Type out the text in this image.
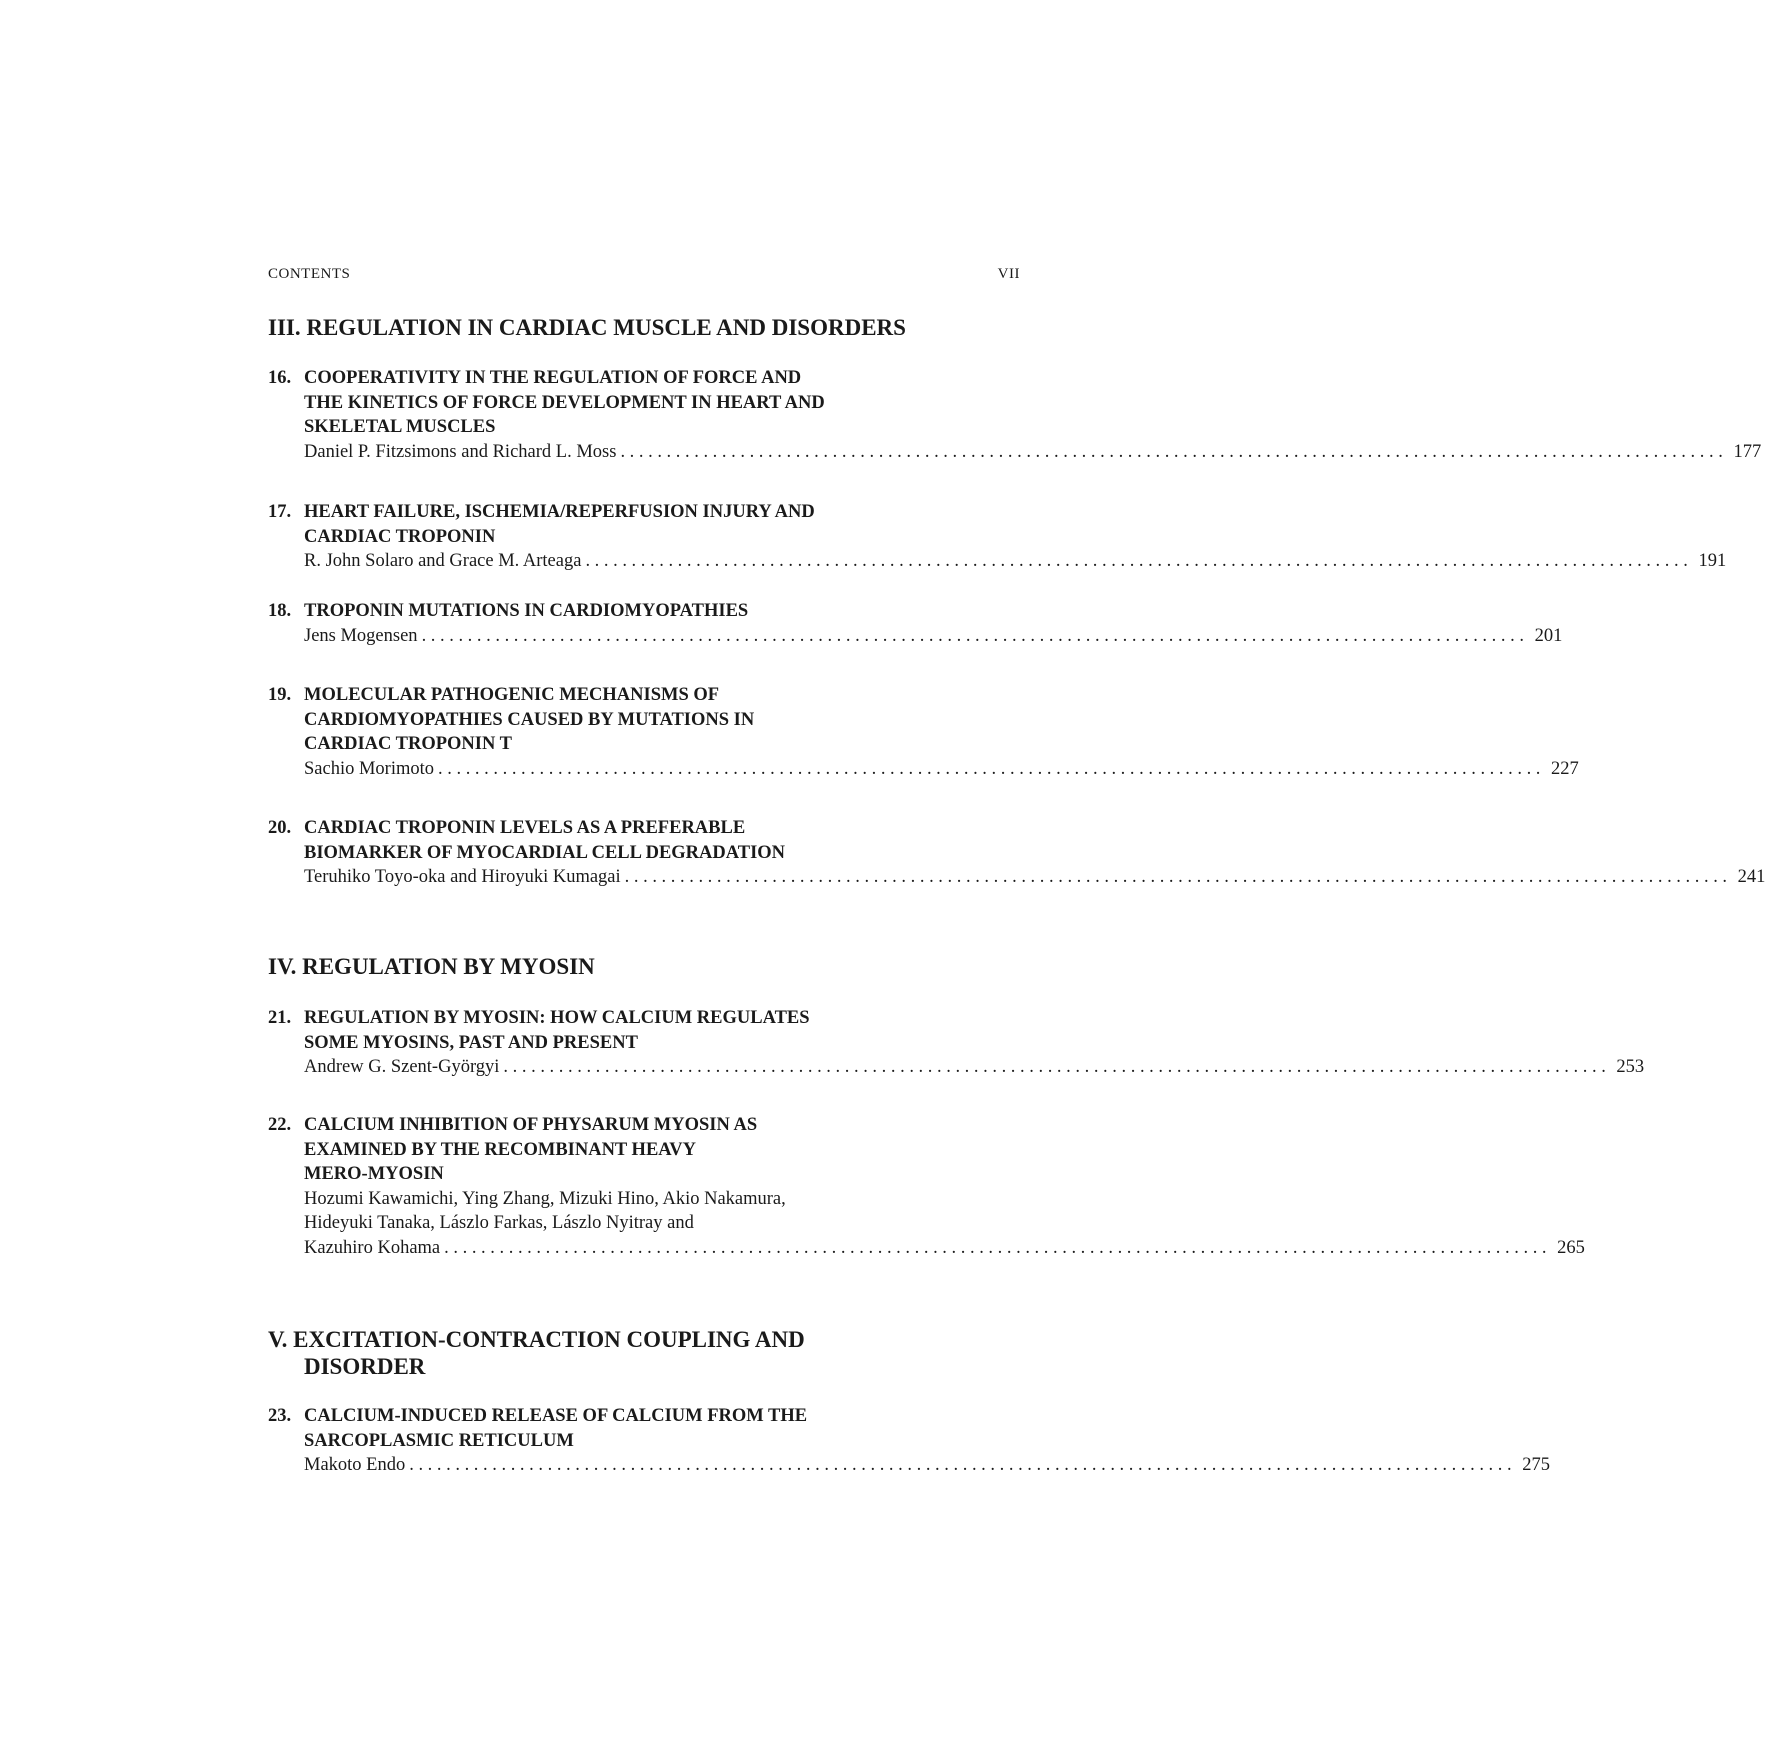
CONTENTS	VII
III. REGULATION IN CARDIAC MUSCLE AND DISORDERS
16. COOPERATIVITY IN THE REGULATION OF FORCE AND
THE KINETICS OF FORCE DEVELOPMENT IN HEART AND
SKELETAL MUSCLES
Daniel P. Fitzsimons and Richard L. Moss ........................................................................................................................ 177
17. HEART FAILURE, ISCHEMIA/REPERFUSION INJURY AND
CARDIAC TROPONIN
R. John Solaro and Grace M. Arteaga ........................................................................................................................ 191
18. TROPONIN MUTATIONS IN CARDIOMYOPATHIES
Jens Mogensen ........................................................................................................................ 201
19. MOLECULAR PATHOGENIC MECHANISMS OF
CARDIOMYOPATHIES CAUSED BY MUTATIONS IN
CARDIAC TROPONIN T
Sachio Morimoto ........................................................................................................................ 227
20. CARDIAC TROPONIN LEVELS AS A PREFERABLE
BIOMARKER OF MYOCARDIAL CELL DEGRADATION
Teruhiko Toyo-oka and Hiroyuki Kumagai ........................................................................................................................ 241
IV. REGULATION BY MYOSIN
21. REGULATION BY MYOSIN: HOW CALCIUM REGULATES
SOME MYOSINS, PAST AND PRESENT
Andrew G. Szent-Györgyi ........................................................................................................................ 253
22. CALCIUM INHIBITION OF PHYSARUM MYOSIN AS
EXAMINED BY THE RECOMBINANT HEAVY
MERO-MYOSIN
Hozumi Kawamichi, Ying Zhang, Mizuki Hino, Akio Nakamura,
Hideyuki Tanaka, Lászlo Farkas, Lászlo Nyitray and
Kazuhiro Kohama ........................................................................................................................ 265
V. EXCITATION-CONTRACTION COUPLING AND
DISORDER
23. CALCIUM-INDUCED RELEASE OF CALCIUM FROM THE
SARCOPLASMIC RETICULUM
Makoto Endo ........................................................................................................................ 275
